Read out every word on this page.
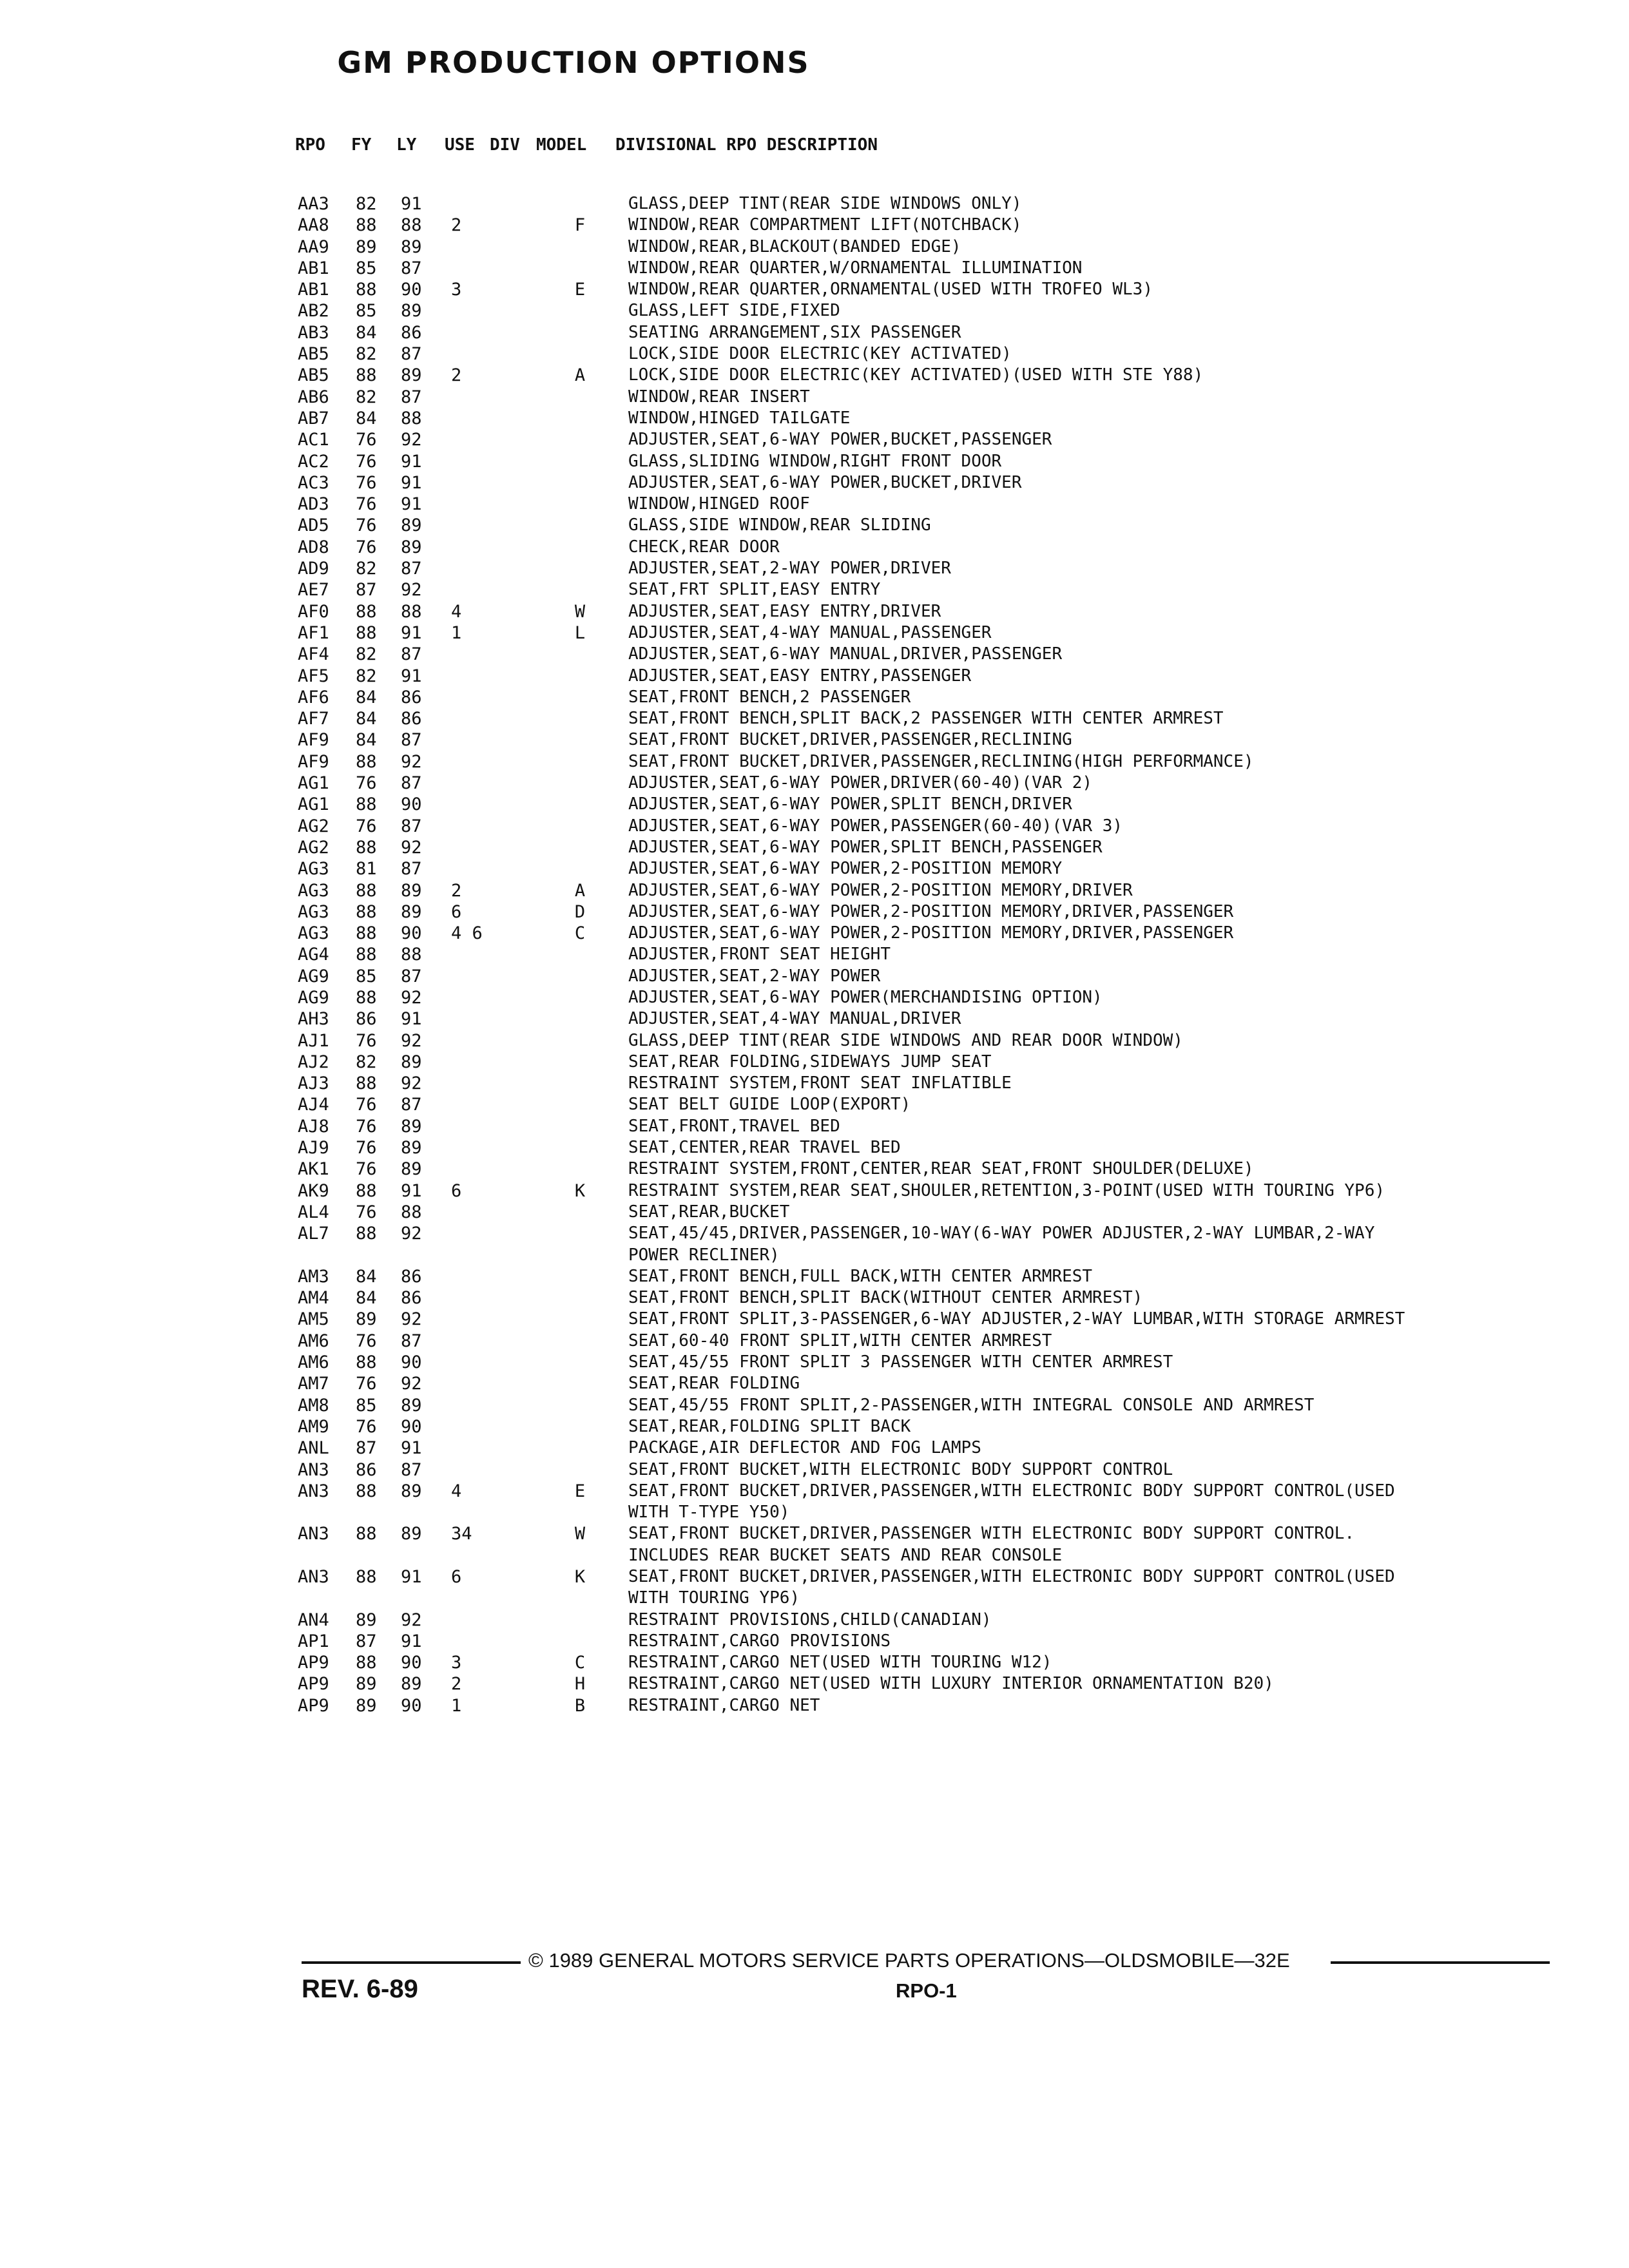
GM PRODUCTION OPTIONS
RPO FY LY USE DIV MODEL DIVISIONAL RPO DESCRIPTION
AA3	82	91	GLASS,DEEP TINT(REAR SIDE WINDOWS ONLY)
AA8	88	88	2	F	WINDOW,REAR COMPARTMENT LIFT(NOTCHBACK)
AA9	89	89	WINDOW,REAR,BLACKOUT(BANDED EDGE)
AB1	85	87	WINDOW,REAR QUARTER,W/ORNAMENTAL ILLUMINATION
AB1	88	90	3	E	WINDOW,REAR QUARTER,ORNAMENTAL(USED WITH TROFEO WL3)
AB2	85	89	GLASS,LEFT SIDE,FIXED
AB3	84	86	SEATING ARRANGEMENT,SIX PASSENGER
AB5	82	87	LOCK,SIDE DOOR ELECTRIC(KEY ACTIVATED)
AB5	88	89	2	A	LOCK,SIDE DOOR ELECTRIC(KEY ACTIVATED)(USED WITH STE Y88)
AB6	82	87	WINDOW,REAR INSERT
AB7	84	88	WINDOW,HINGED TAILGATE
AC1	76	92	ADJUSTER,SEAT,6-WAY POWER,BUCKET,PASSENGER
AC2	76	91	GLASS,SLIDING WINDOW,RIGHT FRONT DOOR
AC3	76	91	ADJUSTER,SEAT,6-WAY POWER,BUCKET,DRIVER
AD3	76	91	WINDOW,HINGED ROOF
AD5	76	89	GLASS,SIDE WINDOW,REAR SLIDING
AD8	76	89	CHECK,REAR DOOR
AD9	82	87	ADJUSTER,SEAT,2-WAY POWER,DRIVER
AE7	87	92	SEAT,FRT SPLIT,EASY ENTRY
AF0	88	88	4	W	ADJUSTER,SEAT,EASY ENTRY,DRIVER
AF1	88	91	1	L	ADJUSTER,SEAT,4-WAY MANUAL,PASSENGER
AF4	82	87	ADJUSTER,SEAT,6-WAY MANUAL,DRIVER,PASSENGER
AF5	82	91	ADJUSTER,SEAT,EASY ENTRY,PASSENGER
AF6	84	86	SEAT,FRONT BENCH,2 PASSENGER
AF7	84	86	SEAT,FRONT BENCH,SPLIT BACK,2 PASSENGER WITH CENTER ARMREST
AF9	84	87	SEAT,FRONT BUCKET,DRIVER,PASSENGER,RECLINING
AF9	88	92	SEAT,FRONT BUCKET,DRIVER,PASSENGER,RECLINING(HIGH PERFORMANCE)
AG1	76	87	ADJUSTER,SEAT,6-WAY POWER,DRIVER(60-40)(VAR 2)
AG1	88	90	ADJUSTER,SEAT,6-WAY POWER,SPLIT BENCH,DRIVER
AG2	76	87	ADJUSTER,SEAT,6-WAY POWER,PASSENGER(60-40)(VAR 3)
AG2	88	92	ADJUSTER,SEAT,6-WAY POWER,SPLIT BENCH,PASSENGER
AG3	81	87	ADJUSTER,SEAT,6-WAY POWER,2-POSITION MEMORY
AG3	88	89	2	A	ADJUSTER,SEAT,6-WAY POWER,2-POSITION MEMORY,DRIVER
AG3	88	89	6	D	ADJUSTER,SEAT,6-WAY POWER,2-POSITION MEMORY,DRIVER,PASSENGER
AG3	88	90	4 6	C	ADJUSTER,SEAT,6-WAY POWER,2-POSITION MEMORY,DRIVER,PASSENGER
AG4	88	88	ADJUSTER,FRONT SEAT HEIGHT
AG9	85	87	ADJUSTER,SEAT,2-WAY POWER
AG9	88	92	ADJUSTER,SEAT,6-WAY POWER(MERCHANDISING OPTION)
AH3	86	91	ADJUSTER,SEAT,4-WAY MANUAL,DRIVER
AJ1	76	92	GLASS,DEEP TINT(REAR SIDE WINDOWS AND REAR DOOR WINDOW)
AJ2	82	89	SEAT,REAR FOLDING,SIDEWAYS JUMP SEAT
AJ3	88	92	RESTRAINT SYSTEM,FRONT SEAT INFLATIBLE
AJ4	76	87	SEAT BELT GUIDE LOOP(EXPORT)
AJ8	76	89	SEAT,FRONT,TRAVEL BED
AJ9	76	89	SEAT,CENTER,REAR TRAVEL BED
AK1	76	89	RESTRAINT SYSTEM,FRONT,CENTER,REAR SEAT,FRONT SHOULDER(DELUXE)
AK9	88	91	6	K	RESTRAINT SYSTEM,REAR SEAT,SHOULER,RETENTION,3-POINT(USED WITH TOURING YP6)
AL4	76	88	SEAT,REAR,BUCKET
AL7	88	92	SEAT,45/45,DRIVER,PASSENGER,10-WAY(6-WAY POWER ADJUSTER,2-WAY LUMBAR,2-WAY
POWER RECLINER)
AM3	84	86	SEAT,FRONT BENCH,FULL BACK,WITH CENTER ARMREST
AM4	84	86	SEAT,FRONT BENCH,SPLIT BACK(WITHOUT CENTER ARMREST)
AM5	89	92	SEAT,FRONT SPLIT,3-PASSENGER,6-WAY ADJUSTER,2-WAY LUMBAR,WITH STORAGE ARMREST
AM6	76	87	SEAT,60-40 FRONT SPLIT,WITH CENTER ARMREST
AM6	88	90	SEAT,45/55 FRONT SPLIT 3 PASSENGER WITH CENTER ARMREST
AM7	76	92	SEAT,REAR FOLDING
AM8	85	89	SEAT,45/55 FRONT SPLIT,2-PASSENGER,WITH INTEGRAL CONSOLE AND ARMREST
AM9	76	90	SEAT,REAR,FOLDING SPLIT BACK
ANL	87	91	PACKAGE,AIR DEFLECTOR AND FOG LAMPS
AN3	86	87	SEAT,FRONT BUCKET,WITH ELECTRONIC BODY SUPPORT CONTROL
AN3	88	89	4	E	SEAT,FRONT BUCKET,DRIVER,PASSENGER,WITH ELECTRONIC BODY SUPPORT CONTROL(USED
WITH T-TYPE Y50)
AN3	88	89	34	W	SEAT,FRONT BUCKET,DRIVER,PASSENGER WITH ELECTRONIC BODY SUPPORT CONTROL.
INCLUDES REAR BUCKET SEATS AND REAR CONSOLE
AN3	88	91	6	K	SEAT,FRONT BUCKET,DRIVER,PASSENGER,WITH ELECTRONIC BODY SUPPORT CONTROL(USED
WITH TOURING YP6)
AN4	89	92	RESTRAINT PROVISIONS,CHILD(CANADIAN)
AP1	87	91	RESTRAINT,CARGO PROVISIONS
AP9	88	90	3	C	RESTRAINT,CARGO NET(USED WITH TOURING W12)
AP9	89	89	2	H	RESTRAINT,CARGO NET(USED WITH LUXURY INTERIOR ORNAMENTATION B20)
AP9	89	90	1	B	RESTRAINT,CARGO NET
© 1989 GENERAL MOTORS SERVICE PARTS OPERATIONS—OLDSMOBILE—32E
REV. 6-89	RPO-1
